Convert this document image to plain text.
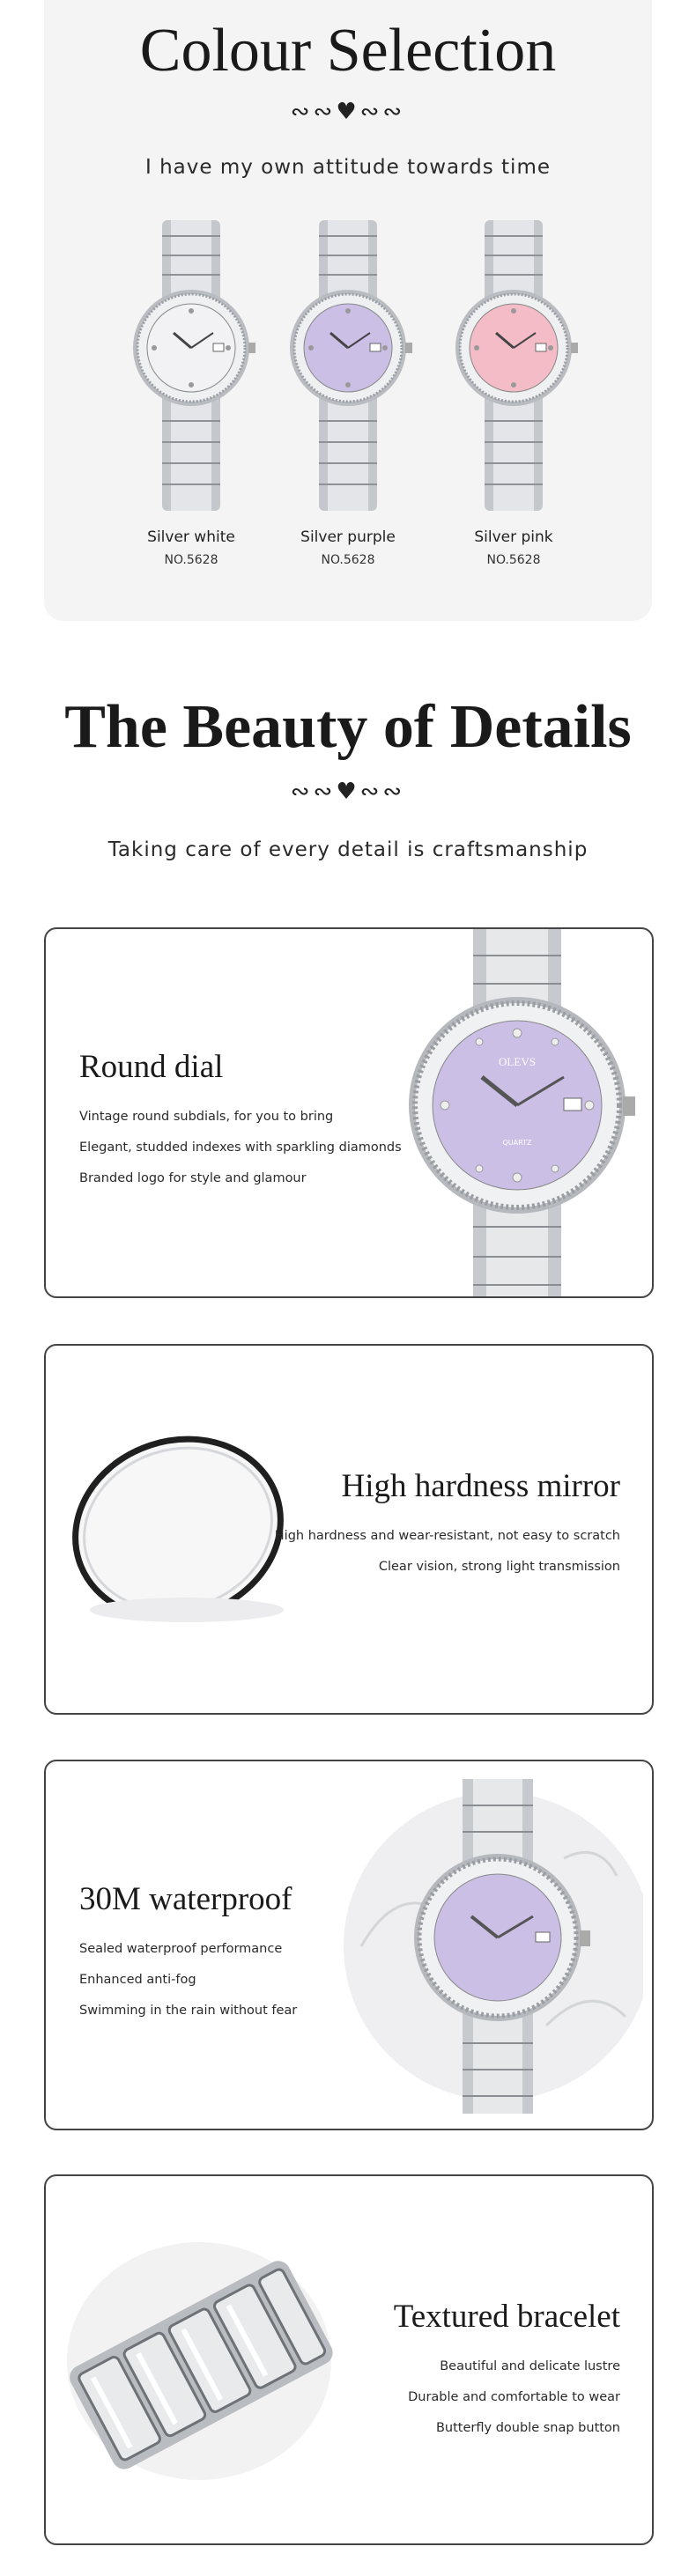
Colour Selection
∾∾♥∾∾
I have my own attitude towards time
Silver white
NO.5628
Silver purple
NO.5628
Silver pink
NO.5628
The Beauty of Details
∾∾♥∾∾
Taking care of every detail is craftsmanship
OLEVS
QUARTZ
Round dial
Vintage round subdials, for you to bring
Elegant, studded indexes with sparkling diamonds
Branded logo for style and glamour
High hardness mirror
High hardness and wear-resistant, not easy to scratch
Clear vision, strong light transmission
30M waterproof
Sealed waterproof performance
Enhanced anti-fog
Swimming in the rain without fear
Textured bracelet
Beautiful and delicate lustre
Durable and comfortable to wear
Butterfly double snap button
